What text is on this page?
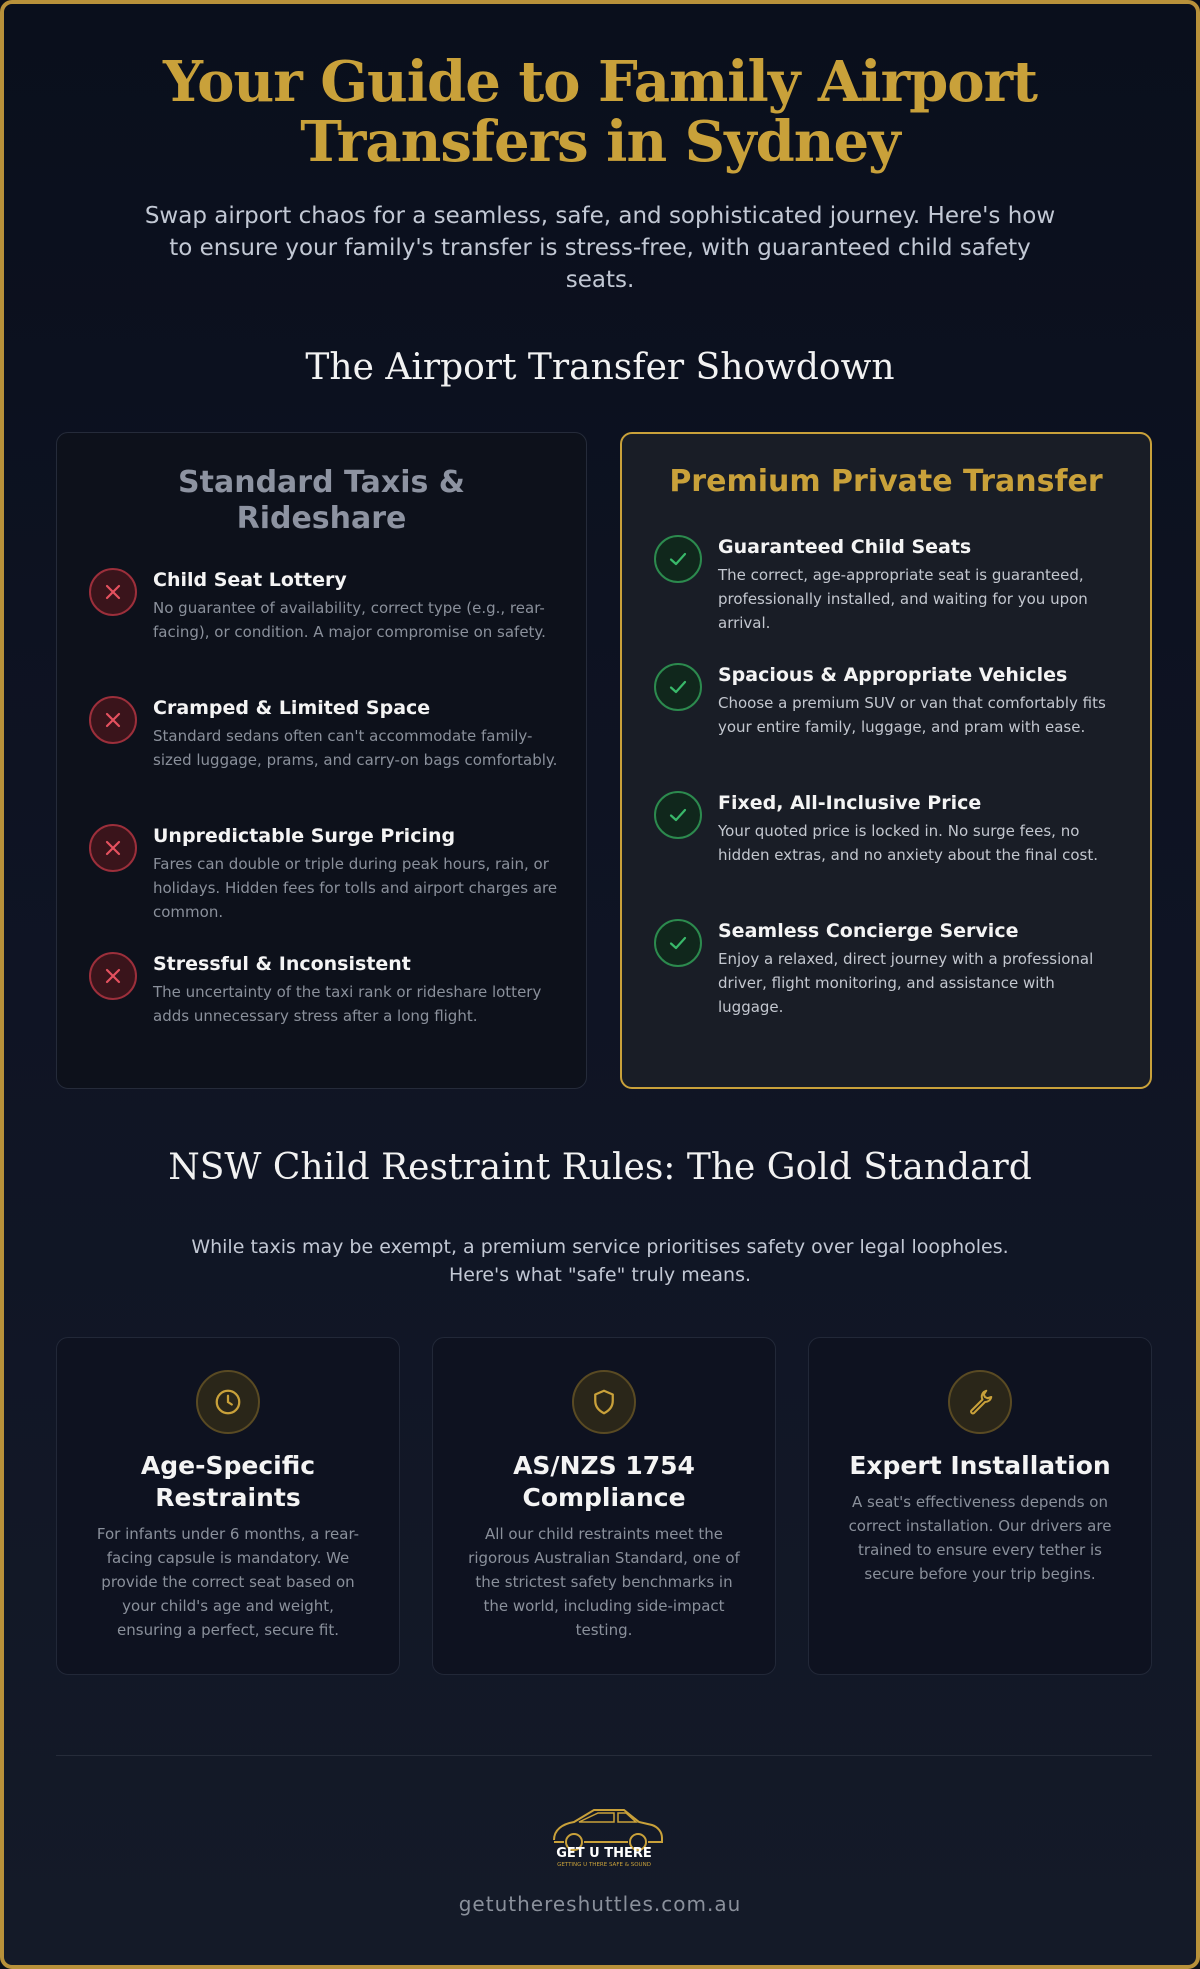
Your Guide to Family Airport
Transfers in Sydney

Swap airport chaos for a seamless, safe, and sophisticated journey. Here's how to ensure your family's transfer is stress-free, with guaranteed child safety seats.

The Airport Transfer Showdown
Standard Taxis &
Rideshare
Child Seat Lottery
No guarantee of availability, correct type (e.g., rear-facing), or condition. A major compromise on safety.
Cramped & Limited Space
Standard sedans often can't accommodate family-sized luggage, prams, and carry-on bags comfortably.
Unpredictable Surge Pricing
Fares can double or triple during peak hours, rain, or holidays. Hidden fees for tolls and airport charges are common.
Stressful & Inconsistent
The uncertainty of the taxi rank or rideshare lottery adds unnecessary stress after a long flight.
Premium Private Transfer
Guaranteed Child Seats
The correct, age-appropriate seat is guaranteed, professionally installed, and waiting for you upon arrival.
Spacious & Appropriate Vehicles
Choose a premium SUV or van that comfortably fits your entire family, luggage, and pram with ease.
Fixed, All-Inclusive Price
Your quoted price is locked in. No surge fees, no hidden extras, and no anxiety about the final cost.
Seamless Concierge Service
Enjoy a relaxed, direct journey with a professional driver, flight monitoring, and assistance with luggage.
NSW Child Restraint Rules: The Gold Standard
While taxis may be exempt, a premium service prioritises safety over legal loopholes.
Here's what "safe" truly means.
Age-Specific
Restraints

For infants under 6 months, a rear-facing capsule is mandatory. We provide the correct seat based on your child's age and weight, ensuring a perfect, secure fit.

AS/NZS 1754
Compliance

All our child restraints meet the rigorous Australian Standard, one of the strictest safety benchmarks in the world, including side-impact testing.

Expert Installation

A seat's effectiveness depends on correct installation. Our drivers are trained to ensure every tether is secure before your trip begins.

GET U THERE
GETTING U THERE SAFE & SOUND
getuthereshuttles.com.au
